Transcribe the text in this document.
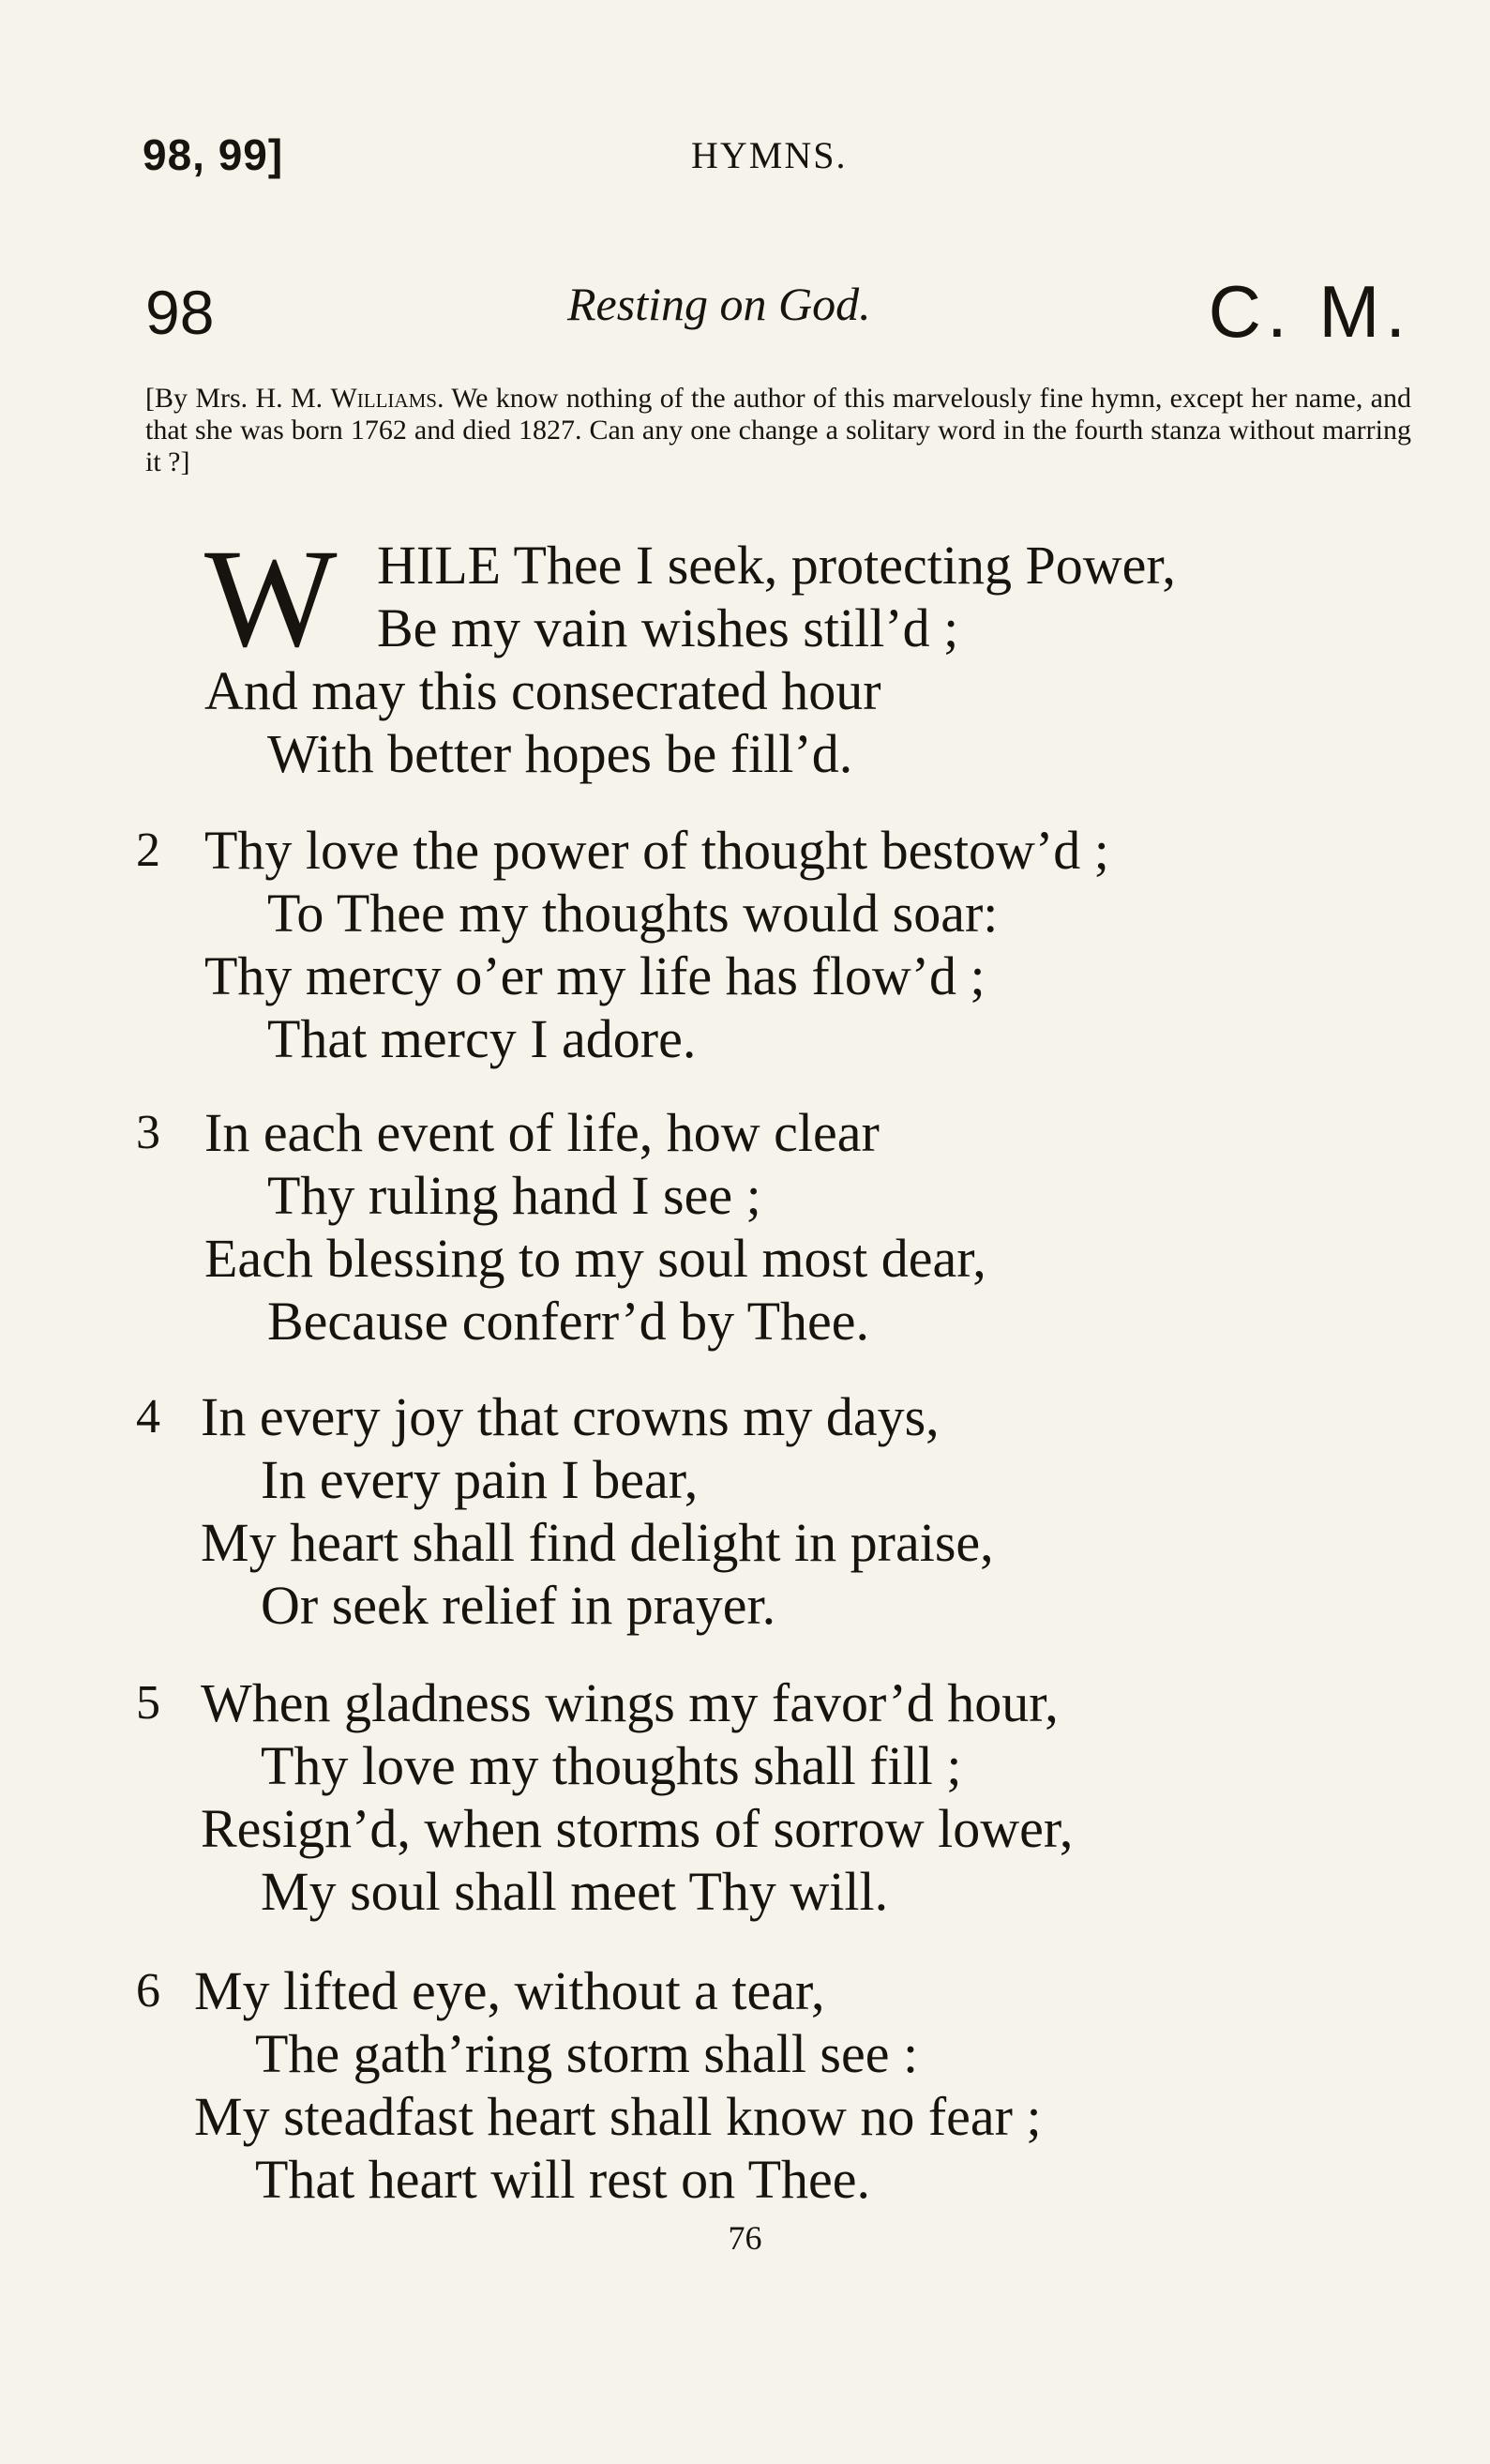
98, 99]	HYMNS.
98	Resting on God.	C. M.
[By Mrs. H. M. Williams. We know nothing of the author of this marvelously fine hymn, except her name, and that she was born 1762 and died 1827. Can any one change a solitary word in the fourth stanza without marring it ?]
W HILE Thee I seek, protecting Power,
Be my vain wishes still’d ;
And may this consecrated hour
With better hopes be fill’d.
2 Thy love the power of thought bestow’d ;
To Thee my thoughts would soar:
Thy mercy o’er my life has flow’d ;
That mercy I adore.
3 In each event of life, how clear
Thy ruling hand I see ;
Each blessing to my soul most dear,
Because conferr’d by Thee.
4 In every joy that crowns my days,
In every pain I bear,
My heart shall find delight in praise,
Or seek relief in prayer.
5 When gladness wings my favor’d hour,
Thy love my thoughts shall fill ;
Resign’d, when storms of sorrow lower,
My soul shall meet Thy will.
6 My lifted eye, without a tear,
The gath’ring storm shall see :
My steadfast heart shall know no fear ;
That heart will rest on Thee.
76
